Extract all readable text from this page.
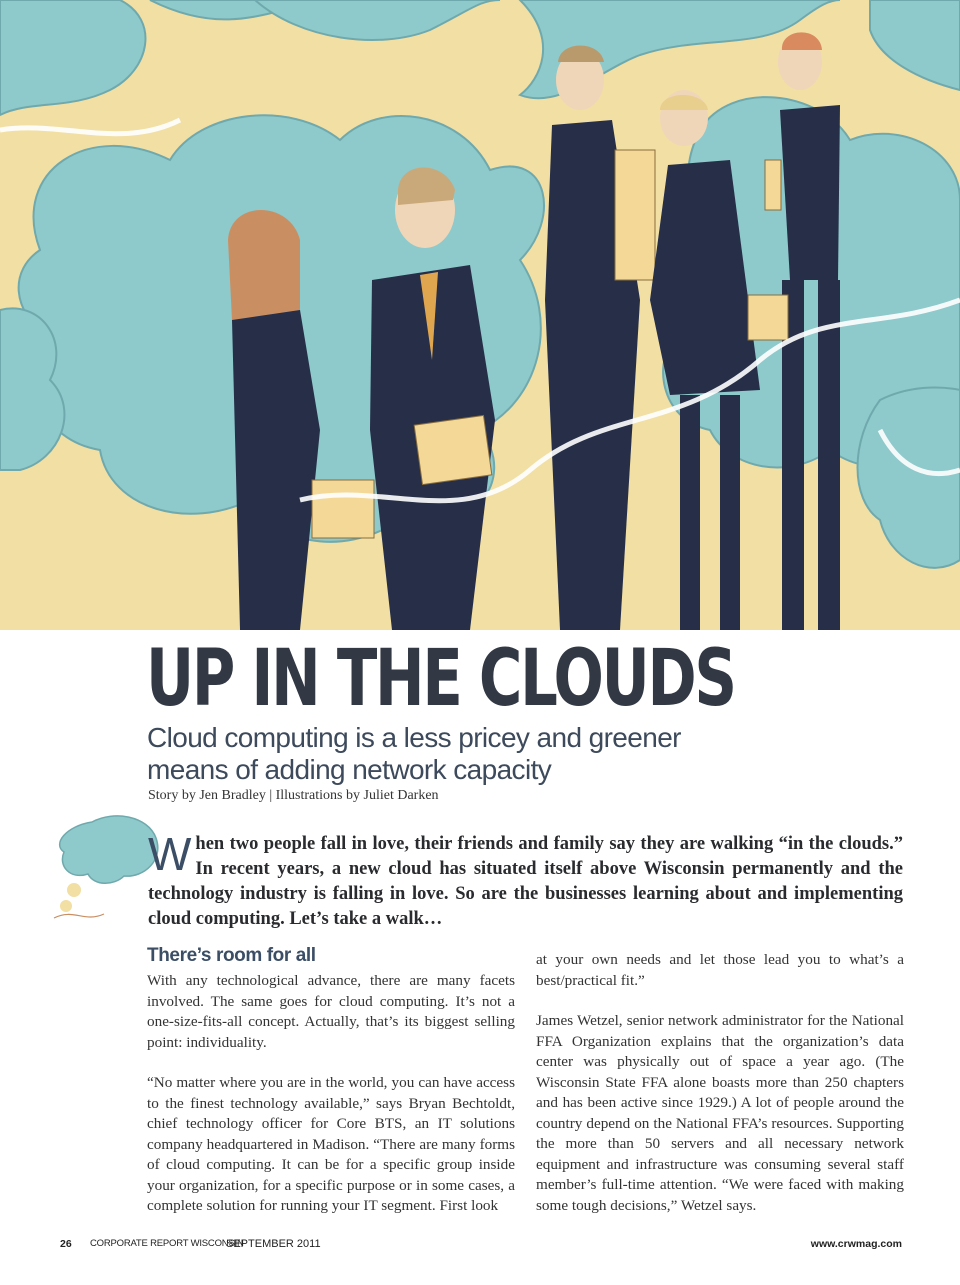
UP IN THE CLOUDS
Cloud computing is a less pricey and greener
means of adding network capacity
Story by Jen Bradley | Illustrations by Juliet Darken

When two people fall in love, their friends and family say they are walking “in the clouds.” In recent years, a new cloud has situated itself above Wisconsin permanently and the technology industry is falling in love. So are the businesses learning about and implementing cloud computing. Let’s take a walk…

There’s room for all

With any technological advance, there are many facets involved. The same goes for cloud computing. It’s not a one-size-fits-all concept. Actually, that’s its biggest selling point: individuality.

“No matter where you are in the world, you can have access to the finest technology available,” says Bryan Bechtoldt, chief technology officer for Core BTS, an IT solutions company headquartered in Madison. “There are many forms of cloud computing. It can be for a specific group inside your organization, for a specific purpose or in some cases, a complete solution for running your IT segment. First look

at your own needs and let those lead you to what’s a best/practical fit.”

James Wetzel, senior network administrator for the National FFA Organization explains that the organization’s data center was physically out of space a year ago. (The Wisconsin State FFA alone boasts more than 250 chapters and has been active since 1929.) A lot of people around the country depend on the National FFA’s resources. Supporting the more than 50 servers and all necessary network equipment and infrastructure was consuming several staff member’s full-time attention. “We were faced with making some tough decisions,” Wetzel says.

26 CORPORATE REPORT WISCONSIN
SEPTEMBER 2011	www.crwmag.com
